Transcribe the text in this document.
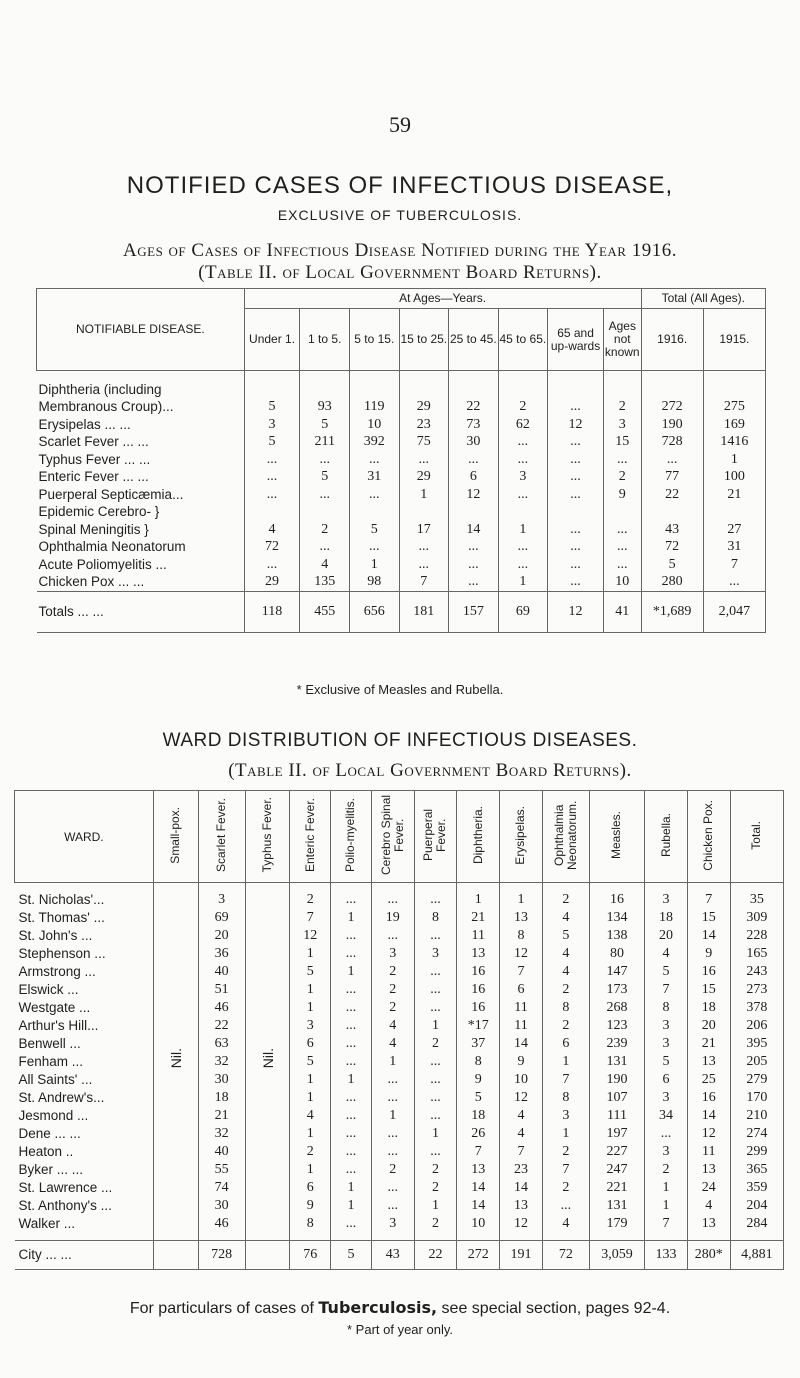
59
NOTIFIED CASES OF INFECTIOUS DISEASE,
EXCLUSIVE OF TUBERCULOSIS.
Ages of Cases of Infectious Disease Notified during the Year 1916.
(Table II. of Local Government Board Returns).
NOTIFIABLE DISEASE.	At Ages—Years.								Total (All Ages).	
	Under 1.	1 to 5.	5 to 15.	15 to 25.	25 to 45.	45 to 65.	65 and up-wards	Ages not known	1916.	1915.

Diphtheria (including										
Membranous Croup)...	5	93	119	29	22	2	...	2	272	275
Erysipelas ... ...	3	5	10	23	73	62	12	3	190	169
Scarlet Fever ... ...	5	211	392	75	30	...	...	15	728	1416
Typhus Fever ... ...	...	...	...	...	...	...	...	...	...	1
Enteric Fever ... ...	...	5	31	29	6	3	...	2	77	100
Puerperal Septicæmia...	...	...	...	1	12	...	...	9	22	21
Epidemic Cerebro- }										
Spinal Meningitis }	4	2	5	17	14	1	...	...	43	27
Ophthalmia Neonatorum	72	...	...	...	...	...	...	...	72	31
Acute Poliomyelitis ...	...	4	1	...	...	...	...	...	5	7
Chicken Pox ... ...	29	135	98	7	...	1	...	10	280	...
Totals ... ...	118	455	656	181	157	69	12	41	*1,689	2,047
* Exclusive of Measles and Rubella.
WARD DISTRIBUTION OF INFECTIOUS DISEASES.
(Table II. of Local Government Board Returns).
WARD.	Small-pox.	Scarlet Fever.	Typhus Fever.	Enteric Fever.	Polio-myelitis.	Cerebro Spinal Fever.	Puerperal Fever.	Diphtheria.	Erysipelas.	Ophthalmia Neonatorum.	Measles.	Rubella.	Chicken Pox.	Total.

St. Nicholas'...	Nil.	3	Nil.	2	...	...	...	1	1	2	16	3	7	35
St. Thomas' ...		69		7	1	19	8	21	13	4	134	18	15	309
St. John's ...		20		12	...	...	...	11	8	5	138	20	14	228
Stephenson ...		36		1	...	3	3	13	12	4	80	4	9	165
Armstrong ...		40		5	1	2	...	16	7	4	147	5	16	243
Elswick ...		51		1	...	2	...	16	6	2	173	7	15	273
Westgate ...		46		1	...	2	...	16	11	8	268	8	18	378
Arthur's Hill...		22		3	...	4	1	*17	11	2	123	3	20	206
Benwell ...		63		6	...	4	2	37	14	6	239	3	21	395
Fenham ...		32		5	...	1	...	8	9	1	131	5	13	205
All Saints' ...		30		1	1	...	...	9	10	7	190	6	25	279
St. Andrew's...		18		1	...	...	...	5	12	8	107	3	16	170
Jesmond ...		21		4	...	1	...	18	4	3	111	34	14	210
Dene ... ...		32		1	...	...	1	26	4	1	197	...	12	274
Heaton ..		40		2	...	...	...	7	7	2	227	3	11	299
Byker ... ...		55		1	...	2	2	13	23	7	247	2	13	365
St. Lawrence ...		74		6	1	...	2	14	14	2	221	1	24	359
St. Anthony's ...		30		9	1	...	1	14	13	...	131	1	4	204
Walker ...		46		8	...	3	2	10	12	4	179	7	13	284

City ... ...		728		76	5	43	22	272	191	72	3,059	133	280*	4,881
For particulars of cases of Tuberculosis, see special section, pages 92-4.
* Part of year only.
